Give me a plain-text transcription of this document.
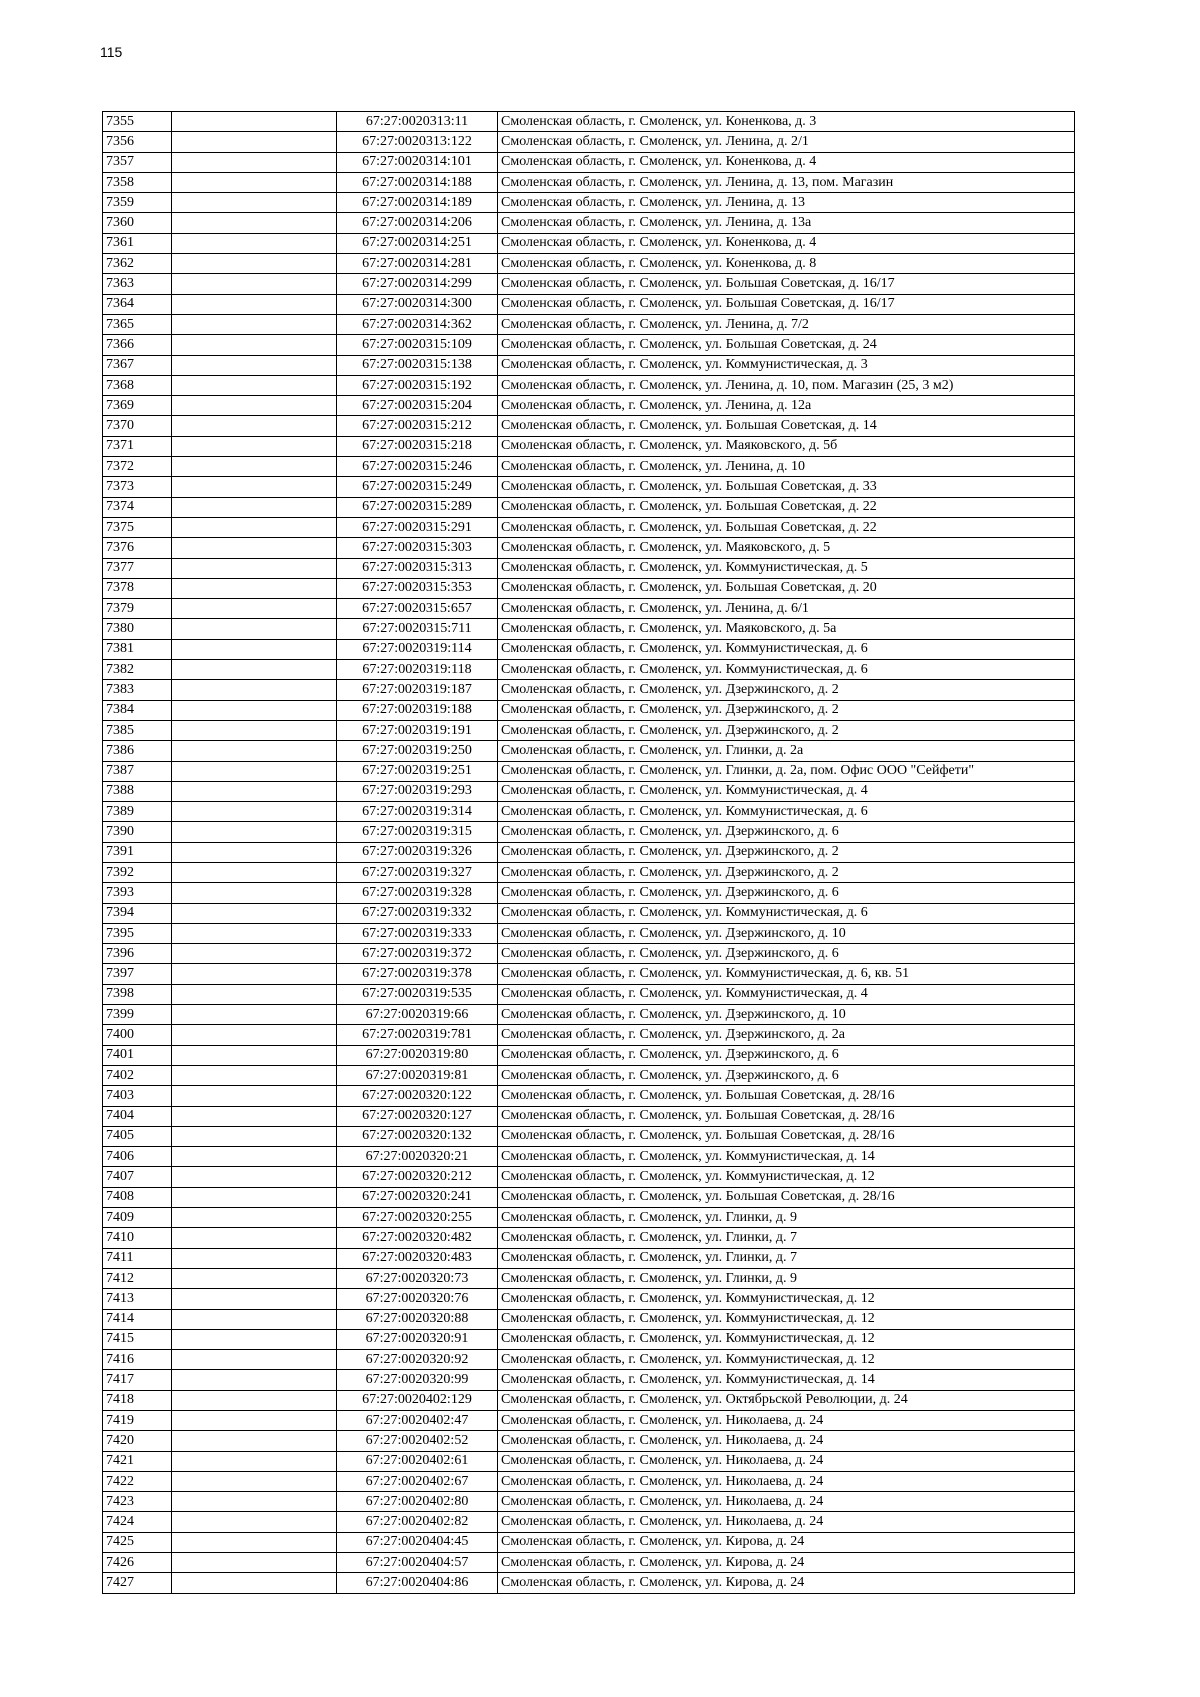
115
7355		67:27:0020313:11	Смоленская область, г. Смоленск, ул. Коненкова, д. 3
7356		67:27:0020313:122	Смоленская область, г. Смоленск, ул. Ленина, д. 2/1
7357		67:27:0020314:101	Смоленская область, г. Смоленск, ул. Коненкова, д. 4
7358		67:27:0020314:188	Смоленская область, г. Смоленск, ул. Ленина, д. 13, пом. Магазин
7359		67:27:0020314:189	Смоленская область, г. Смоленск, ул. Ленина, д. 13
7360		67:27:0020314:206	Смоленская область, г. Смоленск, ул. Ленина, д. 13а
7361		67:27:0020314:251	Смоленская область, г. Смоленск, ул. Коненкова, д. 4
7362		67:27:0020314:281	Смоленская область, г. Смоленск, ул. Коненкова, д. 8
7363		67:27:0020314:299	Смоленская область, г. Смоленск, ул. Большая Советская, д. 16/17
7364		67:27:0020314:300	Смоленская область, г. Смоленск, ул. Большая Советская, д. 16/17
7365		67:27:0020314:362	Смоленская область, г. Смоленск, ул. Ленина, д. 7/2
7366		67:27:0020315:109	Смоленская область, г. Смоленск, ул. Большая Советская, д. 24
7367		67:27:0020315:138	Смоленская область, г. Смоленск, ул. Коммунистическая, д. 3
7368		67:27:0020315:192	Смоленская область, г. Смоленск, ул. Ленина, д. 10, пом. Магазин (25, 3 м2)
7369		67:27:0020315:204	Смоленская область, г. Смоленск, ул. Ленина, д. 12а
7370		67:27:0020315:212	Смоленская область, г. Смоленск, ул. Большая Советская, д. 14
7371		67:27:0020315:218	Смоленская область, г. Смоленск, ул. Маяковского, д. 5б
7372		67:27:0020315:246	Смоленская область, г. Смоленск, ул. Ленина, д. 10
7373		67:27:0020315:249	Смоленская область, г. Смоленск, ул. Большая Советская, д. 33
7374		67:27:0020315:289	Смоленская область, г. Смоленск, ул. Большая Советская, д. 22
7375		67:27:0020315:291	Смоленская область, г. Смоленск, ул. Большая Советская, д. 22
7376		67:27:0020315:303	Смоленская область, г. Смоленск, ул. Маяковского, д. 5
7377		67:27:0020315:313	Смоленская область, г. Смоленск, ул. Коммунистическая, д. 5
7378		67:27:0020315:353	Смоленская область, г. Смоленск, ул. Большая Советская, д. 20
7379		67:27:0020315:657	Смоленская область, г. Смоленск, ул. Ленина, д. 6/1
7380		67:27:0020315:711	Смоленская область, г. Смоленск, ул. Маяковского, д. 5а
7381		67:27:0020319:114	Смоленская область, г. Смоленск, ул. Коммунистическая, д. 6
7382		67:27:0020319:118	Смоленская область, г. Смоленск, ул. Коммунистическая, д. 6
7383		67:27:0020319:187	Смоленская область, г. Смоленск, ул. Дзержинского, д. 2
7384		67:27:0020319:188	Смоленская область, г. Смоленск, ул. Дзержинского, д. 2
7385		67:27:0020319:191	Смоленская область, г. Смоленск, ул. Дзержинского, д. 2
7386		67:27:0020319:250	Смоленская область, г. Смоленск, ул. Глинки, д. 2а
7387		67:27:0020319:251	Смоленская область, г. Смоленск, ул. Глинки, д. 2а, пом. Офис ООО "Сейфети"
7388		67:27:0020319:293	Смоленская область, г. Смоленск, ул. Коммунистическая, д. 4
7389		67:27:0020319:314	Смоленская область, г. Смоленск, ул. Коммунистическая, д. 6
7390		67:27:0020319:315	Смоленская область, г. Смоленск, ул. Дзержинского, д. 6
7391		67:27:0020319:326	Смоленская область, г. Смоленск, ул. Дзержинского, д. 2
7392		67:27:0020319:327	Смоленская область, г. Смоленск, ул. Дзержинского, д. 2
7393		67:27:0020319:328	Смоленская область, г. Смоленск, ул. Дзержинского, д. 6
7394		67:27:0020319:332	Смоленская область, г. Смоленск, ул. Коммунистическая, д. 6
7395		67:27:0020319:333	Смоленская область, г. Смоленск, ул. Дзержинского, д. 10
7396		67:27:0020319:372	Смоленская область, г. Смоленск, ул. Дзержинского, д. 6
7397		67:27:0020319:378	Смоленская область, г. Смоленск, ул. Коммунистическая, д. 6, кв. 51
7398		67:27:0020319:535	Смоленская область, г. Смоленск, ул. Коммунистическая, д. 4
7399		67:27:0020319:66	Смоленская область, г. Смоленск, ул. Дзержинского, д. 10
7400		67:27:0020319:781	Смоленская область, г. Смоленск, ул. Дзержинского, д. 2а
7401		67:27:0020319:80	Смоленская область, г. Смоленск, ул. Дзержинского, д. 6
7402		67:27:0020319:81	Смоленская область, г. Смоленск, ул. Дзержинского, д. 6
7403		67:27:0020320:122	Смоленская область, г. Смоленск, ул. Большая Советская, д. 28/16
7404		67:27:0020320:127	Смоленская область, г. Смоленск, ул. Большая Советская, д. 28/16
7405		67:27:0020320:132	Смоленская область, г. Смоленск, ул. Большая Советская, д. 28/16
7406		67:27:0020320:21	Смоленская область, г. Смоленск, ул. Коммунистическая, д. 14
7407		67:27:0020320:212	Смоленская область, г. Смоленск, ул. Коммунистическая, д. 12
7408		67:27:0020320:241	Смоленская область, г. Смоленск, ул. Большая Советская, д. 28/16
7409		67:27:0020320:255	Смоленская область, г. Смоленск, ул. Глинки, д. 9
7410		67:27:0020320:482	Смоленская область, г. Смоленск, ул. Глинки, д. 7
7411		67:27:0020320:483	Смоленская область, г. Смоленск, ул. Глинки, д. 7
7412		67:27:0020320:73	Смоленская область, г. Смоленск, ул. Глинки, д. 9
7413		67:27:0020320:76	Смоленская область, г. Смоленск, ул. Коммунистическая, д. 12
7414		67:27:0020320:88	Смоленская область, г. Смоленск, ул. Коммунистическая, д. 12
7415		67:27:0020320:91	Смоленская область, г. Смоленск, ул. Коммунистическая, д. 12
7416		67:27:0020320:92	Смоленская область, г. Смоленск, ул. Коммунистическая, д. 12
7417		67:27:0020320:99	Смоленская область, г. Смоленск, ул. Коммунистическая, д. 14
7418		67:27:0020402:129	Смоленская область, г. Смоленск, ул. Октябрьской Революции, д. 24
7419		67:27:0020402:47	Смоленская область, г. Смоленск, ул. Николаева, д. 24
7420		67:27:0020402:52	Смоленская область, г. Смоленск, ул. Николаева, д. 24
7421		67:27:0020402:61	Смоленская область, г. Смоленск, ул. Николаева, д. 24
7422		67:27:0020402:67	Смоленская область, г. Смоленск, ул. Николаева, д. 24
7423		67:27:0020402:80	Смоленская область, г. Смоленск, ул. Николаева, д. 24
7424		67:27:0020402:82	Смоленская область, г. Смоленск, ул. Николаева, д. 24
7425		67:27:0020404:45	Смоленская область, г. Смоленск, ул. Кирова, д. 24
7426		67:27:0020404:57	Смоленская область, г. Смоленск, ул. Кирова, д. 24
7427		67:27:0020404:86	Смоленская область, г. Смоленск, ул. Кирова, д. 24
